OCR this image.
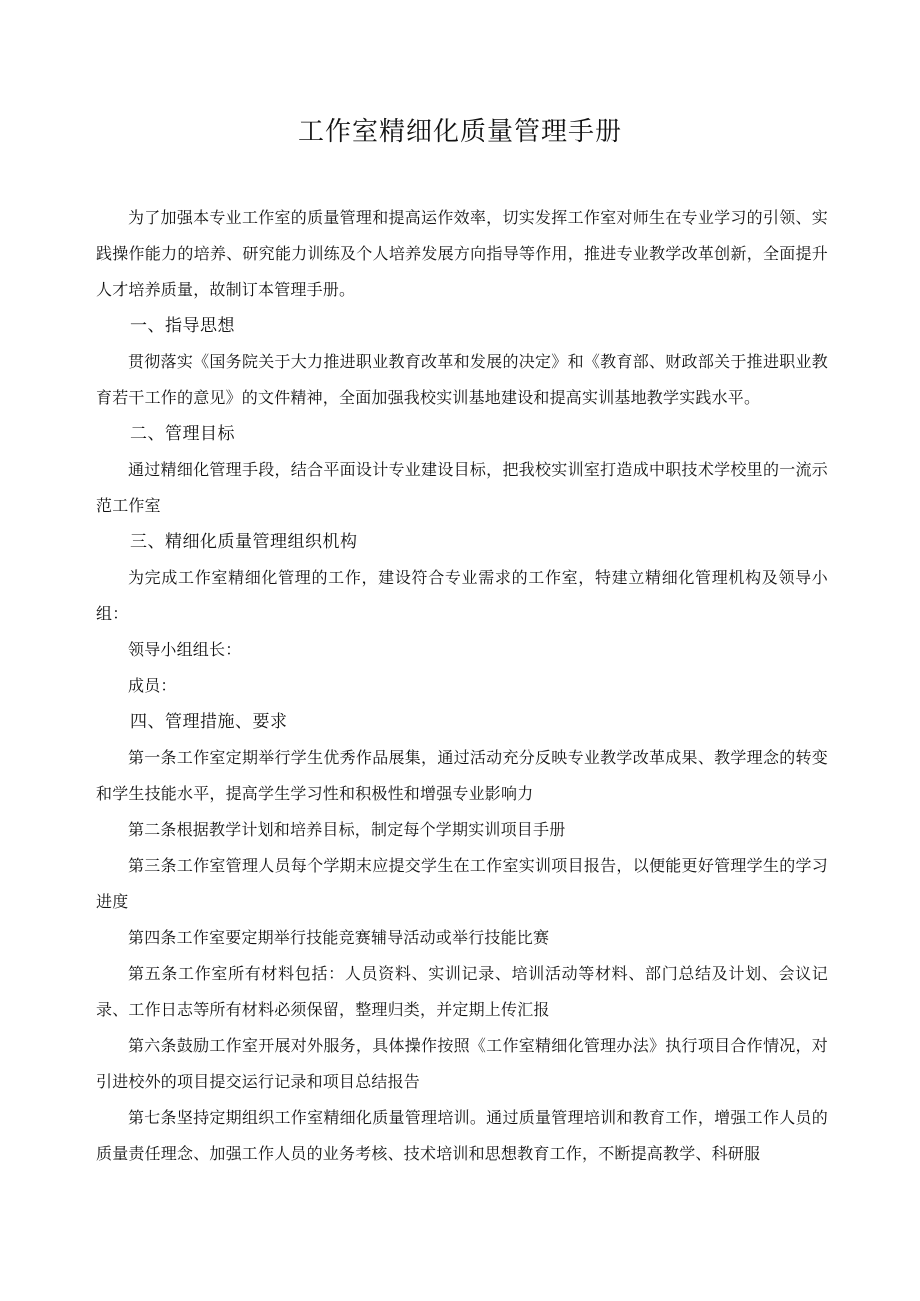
工作室精细化质量管理手册

为了加强本专业工作室的质量管理和提高运作效率，切实发挥工作室对师生在专业学习的引领、实践操作能力的培养、研究能力训练及个人培养发展方向指导等作用，推进专业教学改革创新，全面提升人才培养质量，故制订本管理手册。

一、指导思想

贯彻落实《国务院关于大力推进职业教育改革和发展的决定》和《教育部、财政部关于推进职业教育若干工作的意见》的文件精神，全面加强我校实训基地建设和提高实训基地教学实践水平。

二、管理目标

通过精细化管理手段，结合平面设计专业建设目标，把我校实训室打造成中职技术学校里的一流示范工作室

三、精细化质量管理组织机构

为完成工作室精细化管理的工作，建设符合专业需求的工作室，特建立精细化管理机构及领导小组：

领导小组组长：

成员：

四、管理措施、要求

第一条工作室定期举行学生优秀作品展集，通过活动充分反映专业教学改革成果、教学理念的转变和学生技能水平，提高学生学习性和积极性和增强专业影响力

第二条根据教学计划和培养目标，制定每个学期实训项目手册

第三条工作室管理人员每个学期末应提交学生在工作室实训项目报告，以便能更好管理学生的学习进度

第四条工作室要定期举行技能竞赛辅导活动或举行技能比赛

第五条工作室所有材料包括：人员资料、实训记录、培训活动等材料、部门总结及计划、会议记录、工作日志等所有材料必须保留，整理归类，并定期上传汇报

第六条鼓励工作室开展对外服务，具体操作按照《工作室精细化管理办法》执行项目合作情况，对引进校外的项目提交运行记录和项目总结报告

第七条坚持定期组织工作室精细化质量管理培训。通过质量管理培训和教育工作，增强工作人员的质量责任理念、加强工作人员的业务考核、技术培训和思想教育工作，不断提高教学、科研服
